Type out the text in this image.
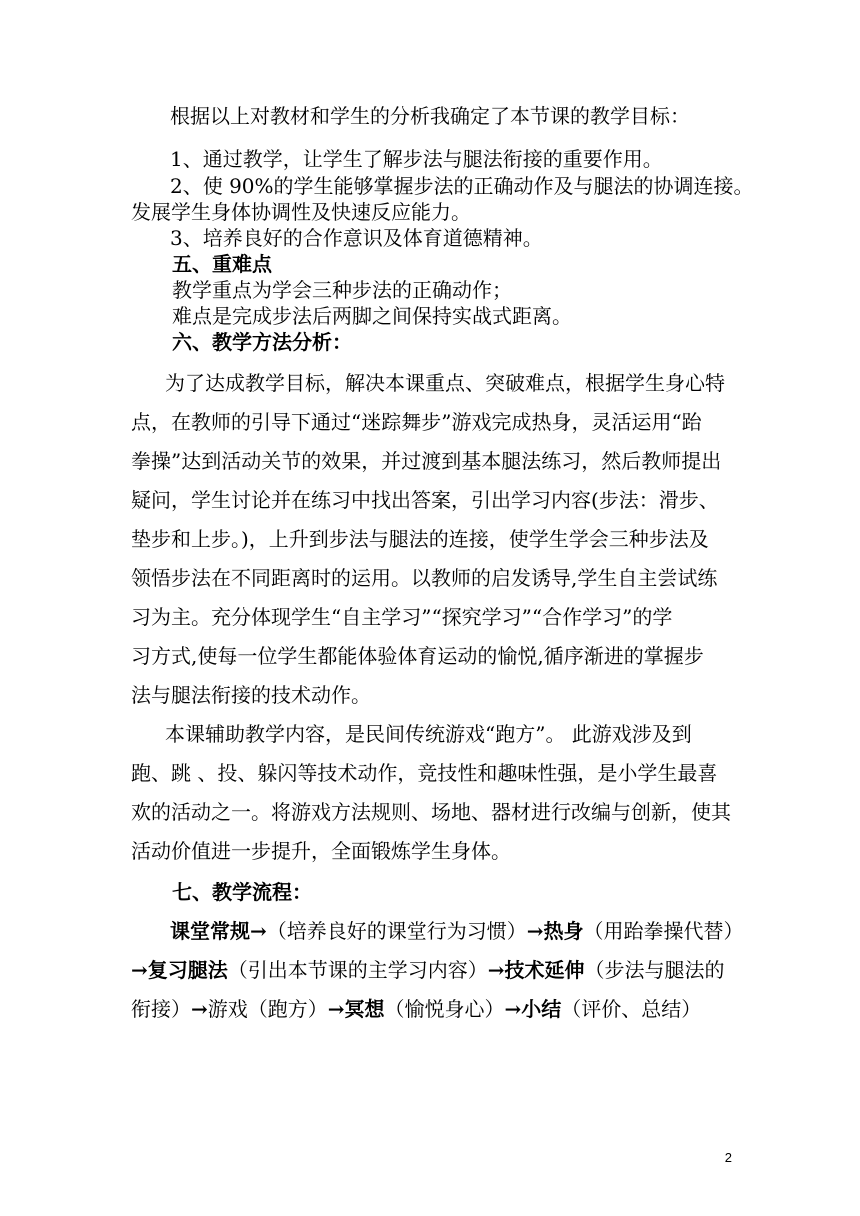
根据以上对教材和学生的分析我确定了本节课的教学目标：
1、通过教学，让学生了解步法与腿法衔接的重要作用。
2、使 90%的学生能够掌握步法的正确动作及与腿法的协调连接。
发展学生身体协调性及快速反应能力。
3、培养良好的合作意识及体育道德精神。
五、重难点
教学重点为学会三种步法的正确动作；
难点是完成步法后两脚之间保持实战式距离。
六、教学方法分析：
为了达成教学目标，解决本课重点、突破难点，根据学生身心特
点，在教师的引导下通过“迷踪舞步”游戏完成热身，灵活运用“跆
拳操”达到活动关节的效果，并过渡到基本腿法练习，然后教师提出
疑问，学生讨论并在练习中找出答案，引出学习内容(步法：滑步、
垫步和上步。)，上升到步法与腿法的连接，使学生学会三种步法及
领悟步法在不同距离时的运用。以教师的启发诱导,学生自主尝试练
习为主。充分体现学生“自主学习”“探究学习”“合作学习”的学
习方式,使每一位学生都能体验体育运动的愉悦,循序渐进的掌握步
法与腿法衔接的技术动作。
本课辅助教学内容，是民间传统游戏“跑方”。 此游戏涉及到
跑、跳 、投、躲闪等技术动作，竞技性和趣味性强，是小学生最喜
欢的活动之一。将游戏方法规则、场地、器材进行改编与创新，使其
活动价值进一步提升，全面锻炼学生身体。
七、教学流程：
课堂常规→（培养良好的课堂行为习惯）→热身（用跆拳操代替）
→复习腿法（引出本节课的主学习内容）→技术延伸（步法与腿法的
衔接）→游戏（跑方）→冥想（愉悦身心）→小结（评价、总结）
2
